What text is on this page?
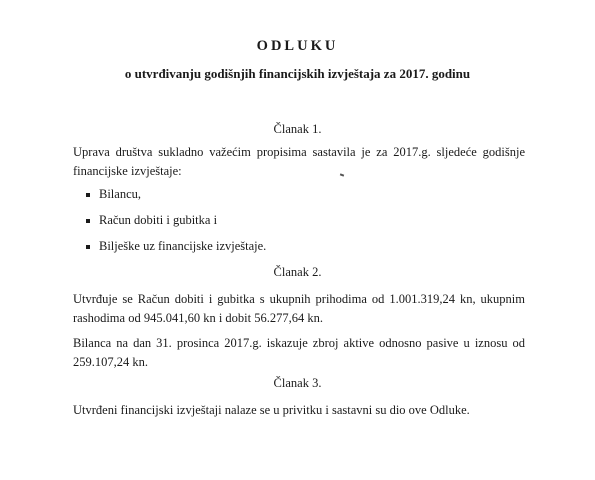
ODLUKU
o utvrđivanju godišnjih financijskih izvještaja za 2017. godinu
Članak 1.
Uprava društva sukladno važećim propisima sastavila je za 2017.g. sljedeće godišnje financijske izvještaje:
Bilancu,
Račun dobiti i gubitka i
Bilješke uz financijske izvještaje.
Članak 2.
Utvrđuje se Račun dobiti i gubitka s ukupnih prihodima od 1.001.319,24 kn, ukupnim rashodima od 945.041,60 kn i dobit 56.277,64 kn.
Bilanca na dan 31. prosinca 2017.g. iskazuje zbroj aktive odnosno pasive u iznosu od 259.107,24 kn.
Članak 3.
Utvrđeni financijski izvještaji nalaze se u privitku i sastavni su dio ove Odluke.
